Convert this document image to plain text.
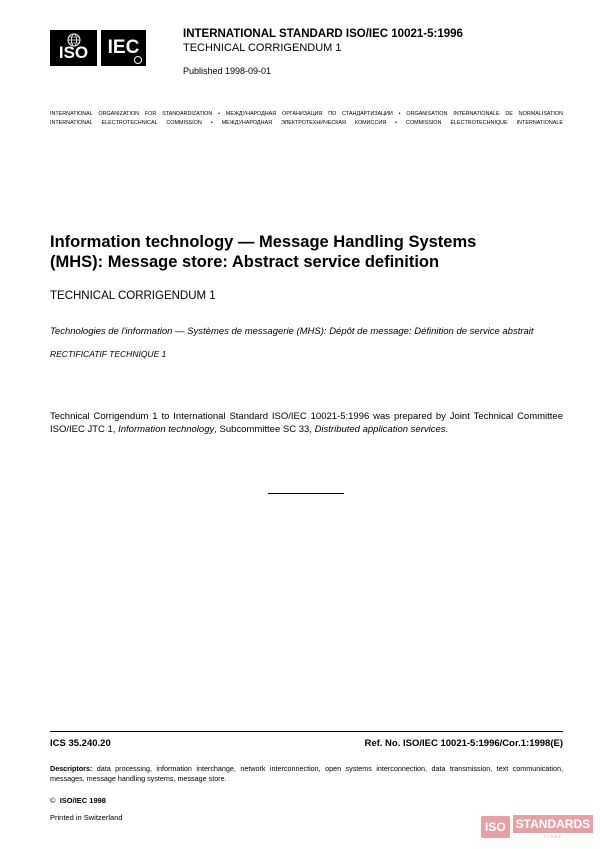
ISO IEC
INTERNATIONAL STANDARD ISO/IEC 10021-5:1996
TECHNICAL CORRIGENDUM 1
Published 1998-09-01
INTERNATIONAL ORGANIZATION FOR STANDARDIZATION • МЕЖДУНАРОДНАЯ ОРГАНИЗАЦИЯ ПО СТАНДАРТИЗАЦИИ • ORGANISATION INTERNATIONALE DE NORMALISATION
INTERNATIONAL ELECTROTECHNICAL COMMISSION • МЕЖДУНАРОДНАЯ ЭЛЕКТРОТЕХНИЧЕСКАЯ КОМИССИЯ • COMMISSION ÉLECTROTECHNIQUE INTERNATIONALE
Information technology — Message Handling Systems
(MHS): Message store: Abstract service definition
TECHNICAL CORRIGENDUM 1
Technologies de l'information — Systèmes de messagerie (MHS): Dépôt de message: Définition de service abstrait
RECTIFICATIF TECHNIQUE 1
Technical Corrigendum 1 to International Standard ISO/IEC 10021-5:1996 was prepared by Joint Technical Committee ISO/IEC JTC 1, Information technology, Subcommittee SC 33, Distributed application services.
ICS 35.240.20	Ref. No. ISO/IEC 10021-5:1996/Cor.1:1998(E)
Descriptors: data processing, information interchange, network interconnection, open systems interconnection, data transmission, text communication, messages, message handling systems, message store.
© ISO/IEC 1998
Printed in Switzerland
ISO STANDARDS
STORE
